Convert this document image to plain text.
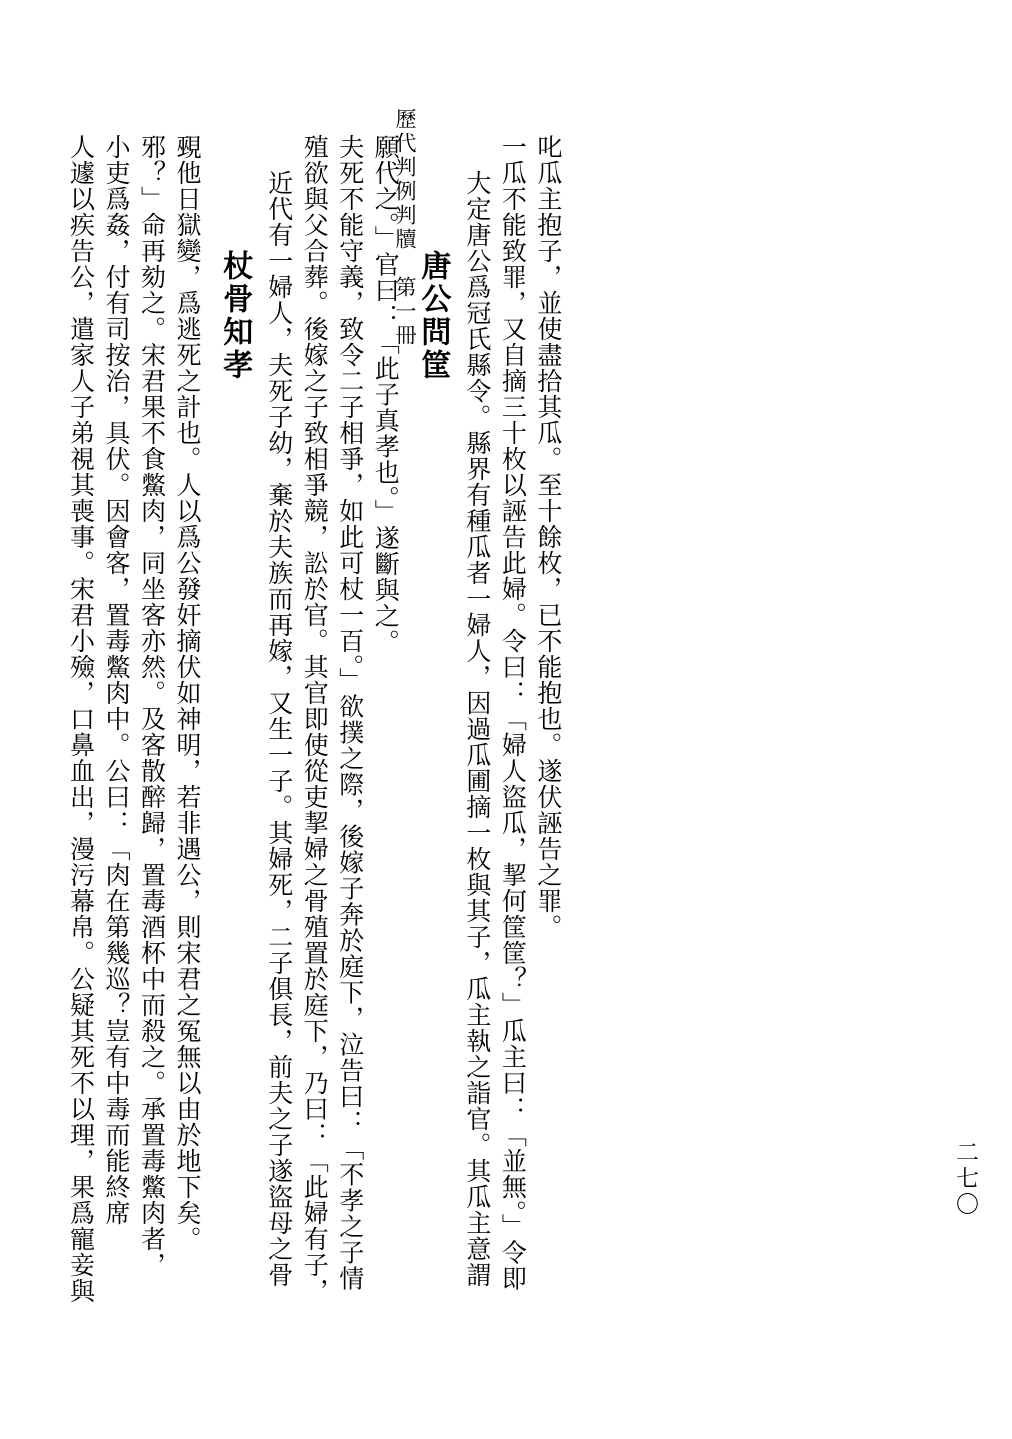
歷代判例判牘　第一冊
二七〇
人遽以疾告公，遣家人子弟視其喪事。宋君小殮，口鼻血出，漫污幕帛。公疑其死不以理，果爲寵妾與 小吏爲姦，付有司按治，具伏。因會客，置毒鱉肉中。公曰：「肉在第幾巡？豈有中毒而能終席 邪？」命再劾之。宋君果不食鱉肉，同坐客亦然。及客散醉歸，置毒酒杯中而殺之。承置毒鱉肉者， 覡他日獄變，爲逃死之計也。人以爲公發奸摘伏如神明，若非遇公，則宋君之冤無以由於地下矣。 杖骨知孝 近代有一婦人，夫死子幼，棄於夫族而再嫁，又生一子。其婦死，二子俱長，前夫之子遂盜母之骨 殖欲與父合葬。後嫁之子致相爭競，訟於官。其官即使從吏挈婦之骨殖置於庭下，乃曰：「此婦有子， 夫死不能守義，致令二子相爭，如此可杖一百。」欲撲之際，後嫁子奔於庭下，泣告曰：「不孝之子情 願代之。」官曰：「此子真孝也。」遂斷與之。 唐公問筐 大定唐公爲冠氏縣令。縣界有種瓜者一婦人，因過瓜圃摘一枚與其子，瓜主執之詣官。其瓜主意謂 一瓜不能致罪，又自摘三十枚以誣告此婦。令曰：「婦人盜瓜，挈何筐筐？」瓜主曰：「並無。」令即 叱瓜主抱子，並使盡拾其瓜。至十餘枚，已不能抱也。遂伏誣告之罪。
